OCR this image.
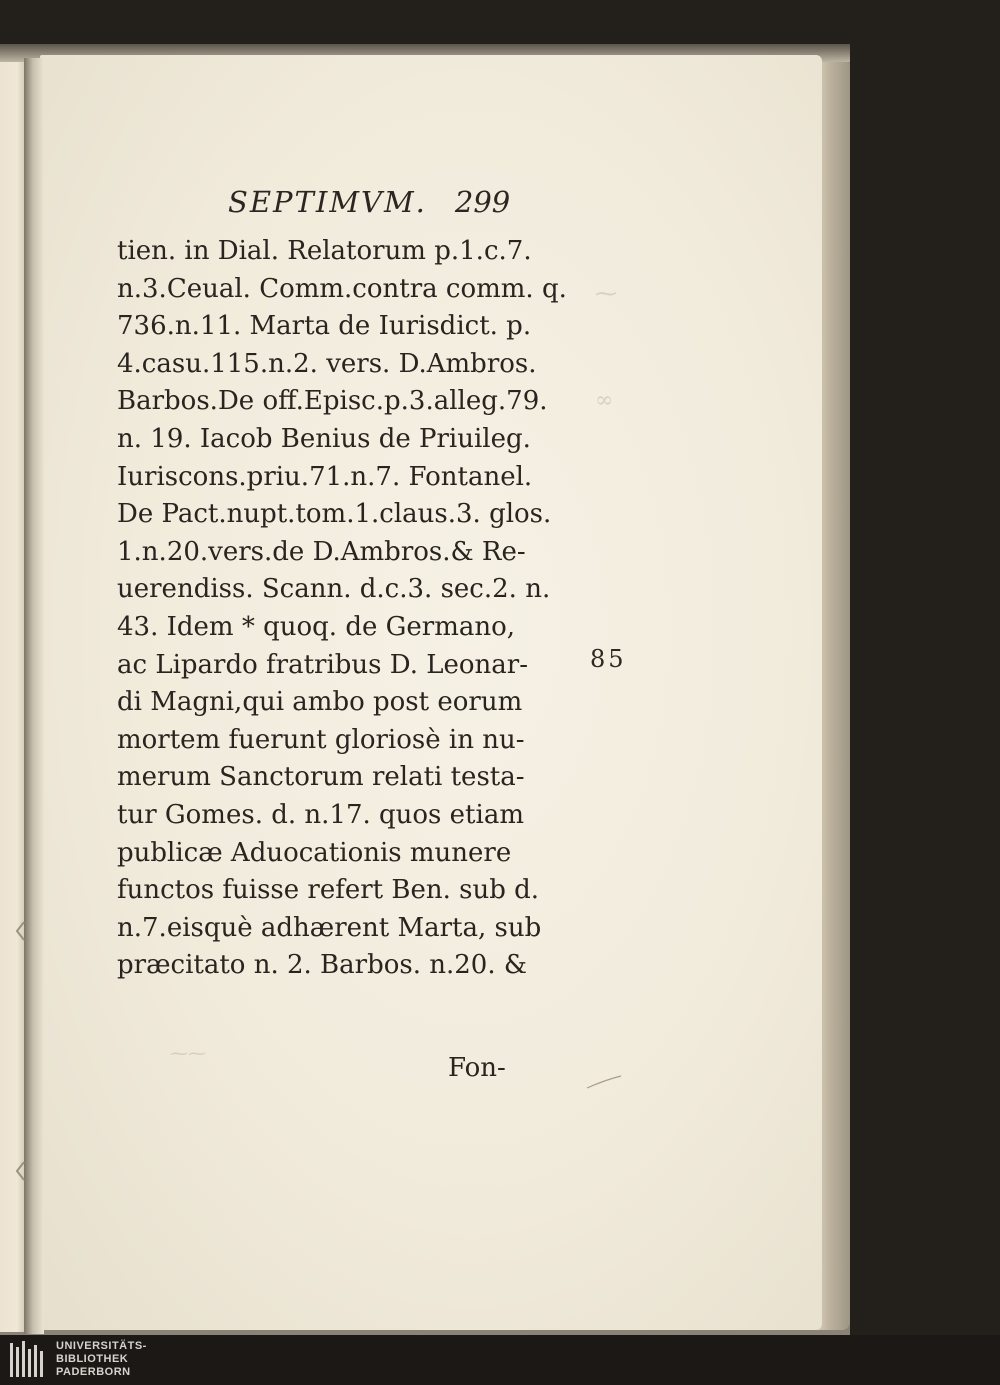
⁓
∞
⁓⁓
SEPTIMVM. 299
tien. in Dial. Relatorum p.1.c.7.
n.3.Ceual. Comm.contra comm. q.
736.n.11. Marta de Iurisdict. p.
4.casu.115.n.2. vers. D.Ambros.
Barbos.De off.Episc.p.3.alleg.79.
n. 19. Iacob Benius de Priuileg.
Iuriscons.priu.71.n.7. Fontanel.
De Pact.nupt.tom.1.claus.3. glos.
1.n.20.vers.de D.Ambros.& Re-
uerendiss. Scann. d.c.3. sec.2. n.
43. Idem * quoq. de Germano,
ac Lipardo fratribus D. Leonar-
di Magni,qui ambo post eorum
mortem fuerunt gloriosè in nu-
merum Sanctorum relati testa-
tur Gomes. d. n.17. quos etiam
publicæ Aduocationis munere
functos fuisse refert Ben. sub d.
n.7.eisquè adhærent Marta, sub
præcitato n. 2. Barbos. n.20. &
85
Fon-
UNIVERSITÄTS-
BIBLIOTHEK
PADERBORN
